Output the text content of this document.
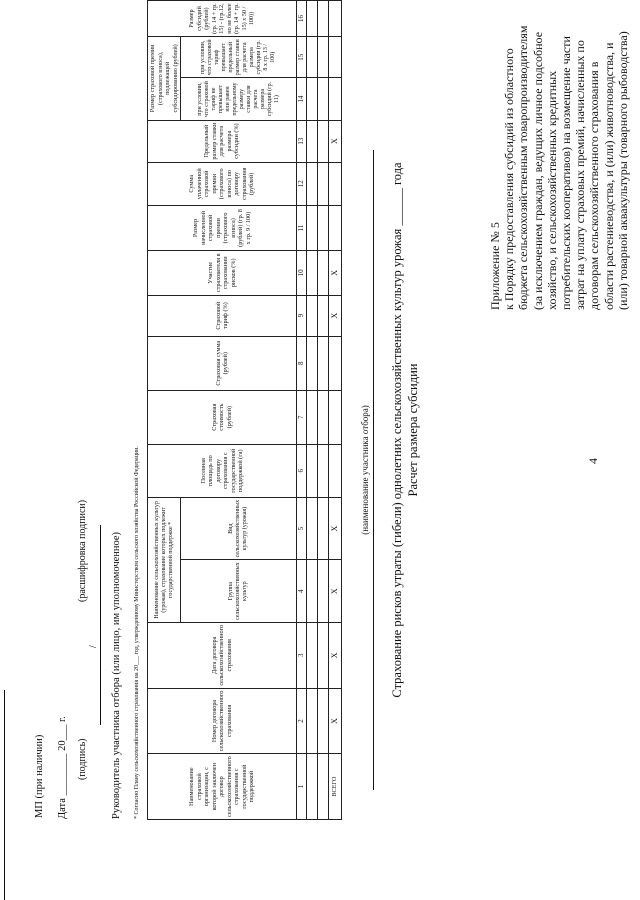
4
Приложение № 5 к Порядку предоставления субсидий из областного бюджета сельскохозяйственным товаропроизводителям (за исключением граждан, ведущих личное подсобное хозяйство, и сельскохозяйственных кредитных потребительских кооперативов) на возмещение части затрат на уплату страховых премий, начисленных по договорам сельскохозяйственного страхования в области растениеводства, и (или) животноводства, и (или) товарной аквакультуры (товарного рыбоводства)
Расчет размера субсидии
Страхование рисков утраты (гибели) однолетних сельскохозяйственных культур урожая ______ года
(наименование участника отбора)
Наименование страховой организации, с которой заключен договор сельскохозяйственного страхования с государственной поддержкой	Номер договора сельскохозяйственного страхования	Дата договора сельскохозяйственного страхования	Наименование сельскохозяйственных культур (урожая), страхование которых подлежит государственной поддержке *		Посевная площадь по договору страхования с государственной поддержкой (га)	Страховая стоимость (рублей)	Страховая сумма (рублей)	Страховой тариф (%)	Участие страхователя в страховании рисков (%)	Размер начисленной страховой премии (страхового взноса) (рублей) (гр. 8 x гр. 9 / 100)	Сумма уплаченной страховой премии (страхового взноса) по договору страхования (рублей)	Предельный размер ставки для расчета размера субсидии (%)	Размер страховой премии (страхового взноса), подлежащей субсидированию (рублей)		Размер субсидий (рублей) (гр. 14 + гр. 15) - (гр.12, но не более (гр. 14 + гр. 15) x 50 / 100))
			Группа сельскохозяйственных культур	Вид сельскохозяйственных культур (урожая)									при условии, что страховой тариф не превышает или равен предельному размеру ставки для расчета размера субсидий (гр. 11)	при условии, что страховой тариф превышает предельный размер ставки для расчета размера субсидии (гр. 8 x гр. 13 / 100)	
1	2	3	4	5	6	7	8	9	10	11	12	13	14	15	16

ВСЕГО	X	X	X	X				X	X			X			
* Согласно Плану сельскохозяйственного страхования на 20___ год, утвержденному Министерством сельского хозяйства Российской Федерации.
Руководитель участника отбора (или лицо, им уполномоченное)
/
(подпись)
(расшифровка подписи)
Дата ________ 20___ г.
МП (при наличии)
